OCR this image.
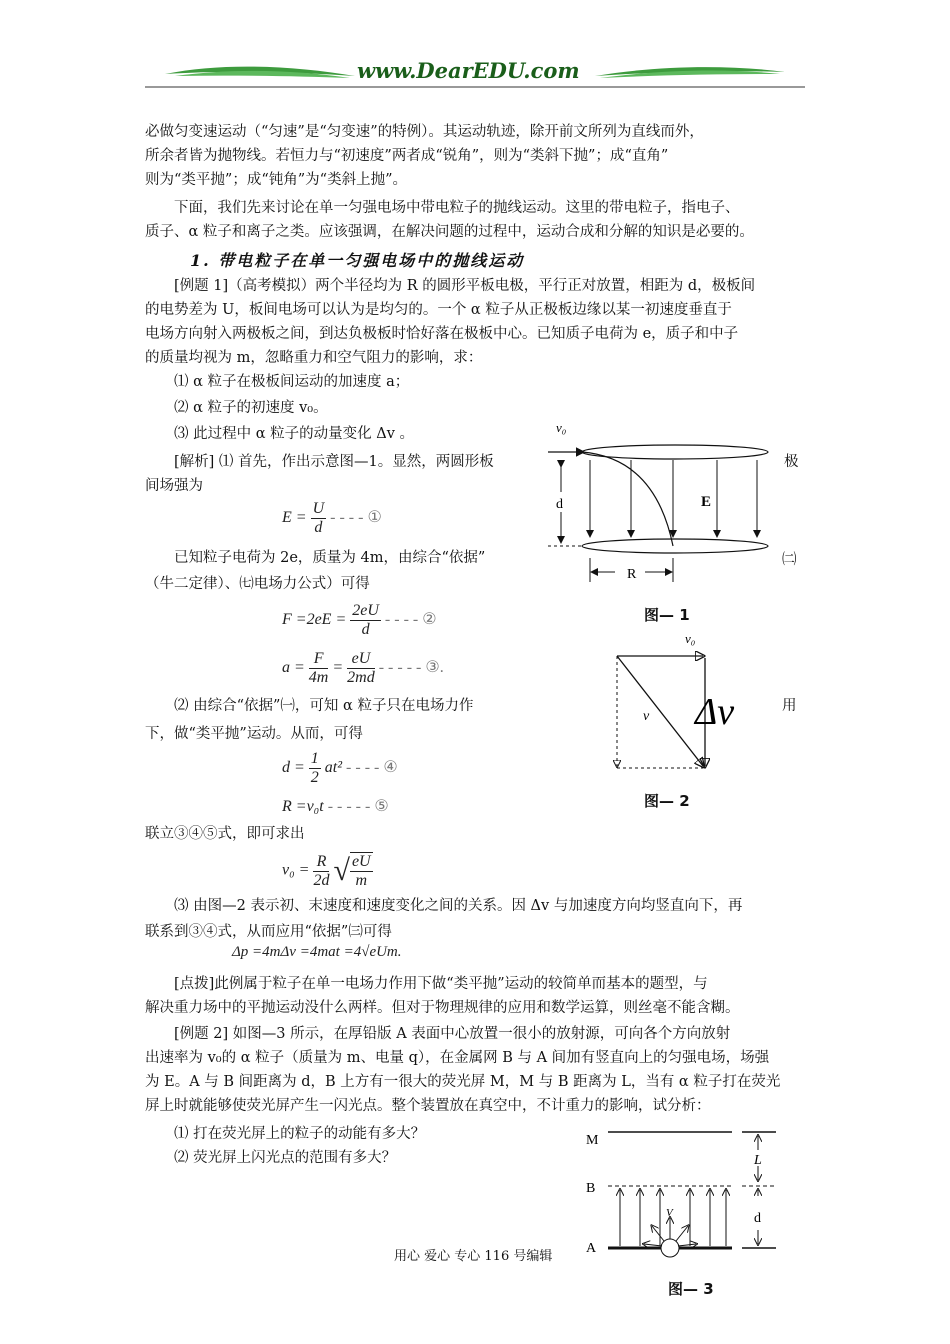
www.DearEDU.com
必做匀变速运动（“匀速”是“匀变速”的特例）。其运动轨迹，除开前文所列为直线而外，
所余者皆为抛物线。若恒力与“初速度”两者成“锐角”，则为“类斜下抛”；成“直角”
则为“类平抛”；成“钝角”为“类斜上抛”。
下面，我们先来讨论在单一匀强电场中带电粒子的抛线运动。这里的带电粒子，指电子、
质子、α 粒子和离子之类。应该强调，在解决问题的过程中，运动合成和分解的知识是必要的。
1. 带电粒子在单一匀强电场中的抛线运动
[例题 1]（高考模拟）两个半径均为 R 的圆形平板电极，平行正对放置，相距为 d，极板间
的电势差为 U，板间电场可以认为是均匀的。一个 α 粒子从正极板边缘以某一初速度垂直于
电场方向射入两极板之间，到达负极板时恰好落在极板中心。已知质子电荷为 e，质子和中子
的质量均视为 m，忽略重力和空气阻力的影响，求：
⑴ α 粒子在极板间运动的加速度 a；
⑵ α 粒子的初速度 v₀。
⑶ 此过程中 α 粒子的动量变化 Δv 。
[解析] ⑴ 首先，作出示意图—1。显然，两圆形板	极
间场强为
$E = \frac{U}{d}$ - - - - ①
已知粒子电荷为 2e，质量为 4m，由综合“依据”	㈡
（牛二定律）、㈦电场力公式）可得
$F =2eE = \frac{2eU}{d}$ - - - - ②
$a = \frac{F}{4m} = \frac{eU}{2md}$ - - - - - ③.
⑵ 由综合“依据”㈠，可知 α 粒子只在电场力作	用
下，做“类平抛”运动。从而，可得
$d = \frac{1}{2} at^2$ - - - - ④
R =v₀t - - - - - ⑤
联立③④⑤式，即可求出
$v_0 = \frac{R}{2d}$ √ $\frac{eU}{m}$
⑶ 由图—2 表示初、末速度和速度变化之间的关系。因 Δv 与加速度方向均竖直向下，再
联系到③④式，从而应用“依据”㈢可得
Δp =4mΔv =4mat =4√eUm.
[点拨]此例属于粒子在单一电场力作用下做“类平抛”运动的较简单而基本的题型，与
解决重力场中的平抛运动没什么两样。但对于物理规律的应用和数学运算，则丝毫不能含糊。
[例题 2] 如图—3 所示，在厚铅版 A 表面中心放置一很小的放射源，可向各个方向放射
出速率为 v₀的 α 粒子（质量为 m、电量 q），在金属网 B 与 A 间加有竖直向上的匀强电场，场强
为 E。A 与 B 间距离为 d，B 上方有一很大的荧光屏 M，M 与 B 距离为 L，当有 α 粒子打在荧光
屏上时就能够使荧光屏产生一闪光点。整个装置放在真空中，不计重力的影响，试分析：
⑴ 打在荧光屏上的粒子的动能有多大？
⑵ 荧光屏上闪光点的范围有多大？
v₀
d	E
R
图— 1
v₀
v Δv
图— 2
M
B
A
L
d
V
图— 3
用心 爱心 专心 116 号编辑
